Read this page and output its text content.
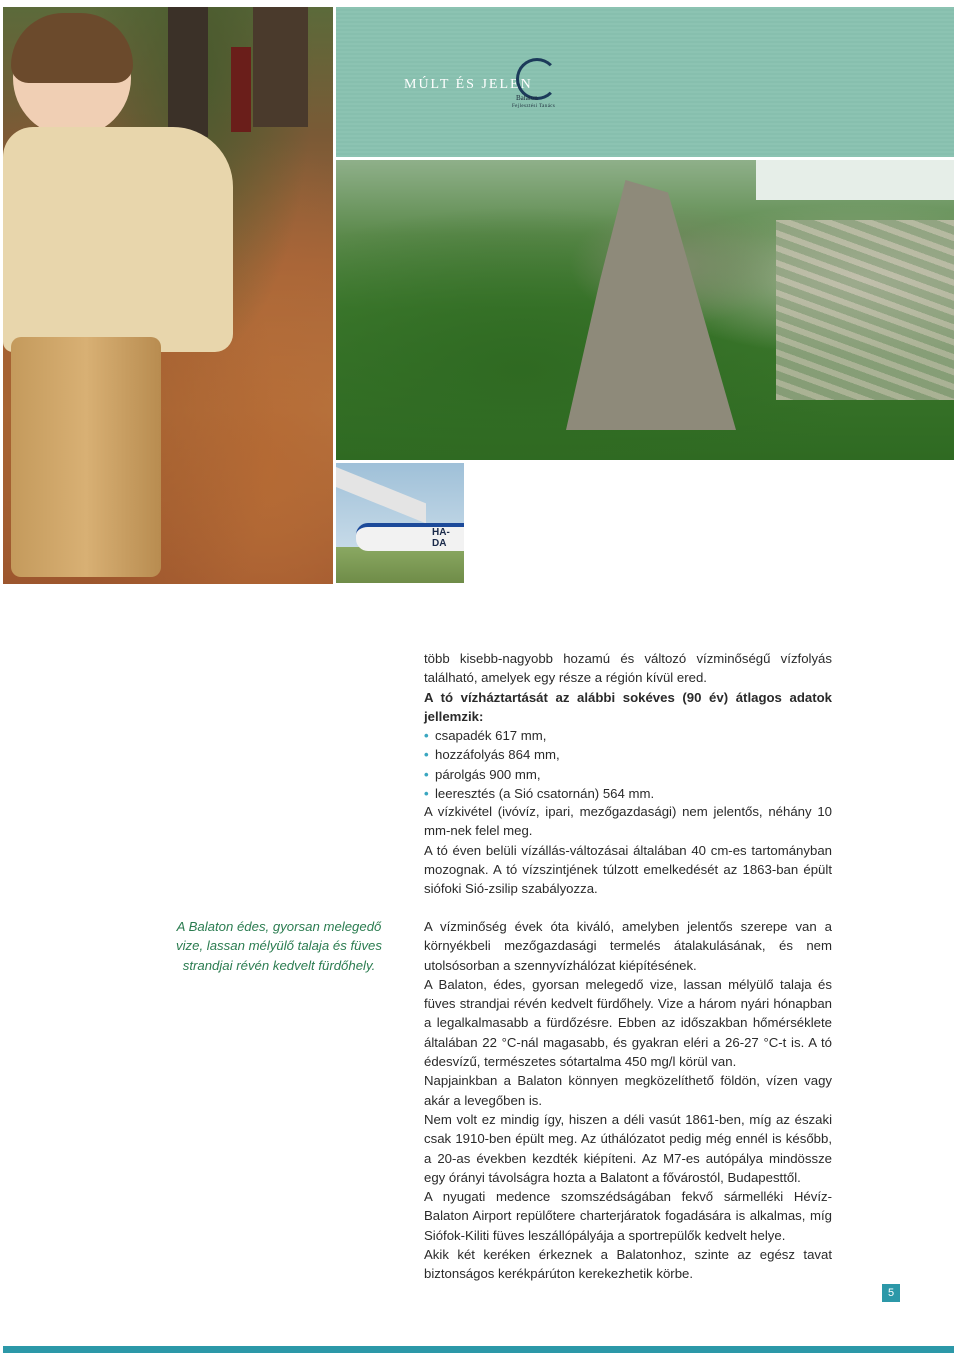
MÚLT ÉS JELEN
Balaton
Fejlesztési Tanács
HA-DA

több kisebb-nagyobb hozamú és változó vízminőségű vízfolyás található, amelyek egy része a régión kívül ered.

A tó vízháztartását az alábbi sokéves (90 év) átlagos adatok jellemzik:

• csapadék 617 mm,
• hozzáfolyás 864 mm,
• párolgás 900 mm,
• leeresztés (a Sió csatornán) 564 mm.

A vízkivétel (ivóvíz, ipari, mezőgazdasági) nem jelentős, néhány 10 mm-nek felel meg.

A tó éven belüli vízállás-változásai általában 40 cm-es tartományban mozognak. A tó vízszintjének túlzott emelkedését az 1863-ban épült siófoki Sió-zsilip szabályozza.

A Balaton édes, gyorsan melegedő vize, lassan mélyülő talaja és füves strandjai révén kedvelt fürdőhely.

A vízminőség évek óta kiváló, amelyben jelentős szerepe van a környékbeli mezőgazdasági termelés átalakulásának, és nem utolsósorban a szennyvízhálózat kiépítésének.

A Balaton, édes, gyorsan melegedő vize, lassan mélyülő talaja és füves strandjai révén kedvelt fürdőhely. Vize a három nyári hónapban a legalkalmasabb a fürdőzésre. Ebben az időszakban hőmérséklete általában 22 °C-nál magasabb, és gyakran eléri a 26-27 °C-t is. A tó édesvízű, természetes sótartalma 450 mg/l körül van.

Napjainkban a Balaton könnyen megközelíthető földön, vízen vagy akár a levegőben is.

Nem volt ez mindig így, hiszen a déli vasút 1861-ben, míg az északi csak 1910-ben épült meg. Az úthálózatot pedig még ennél is később, a 20-as években kezdték kiépíteni. Az M7-es autópálya mindössze egy órányi távolságra hozta a Balatont a fővárostól, Budapesttől.

A nyugati medence szomszédságában fekvő sármelléki Hévíz-Balaton Airport repülőtere charterjáratok fogadására is alkalmas, míg Siófok-Kiliti füves leszállópályája a sportrepülők kedvelt helye.

Akik két keréken érkeznek a Balatonhoz, szinte az egész tavat biztonságos kerékpárúton kerekezhetik körbe.

5
